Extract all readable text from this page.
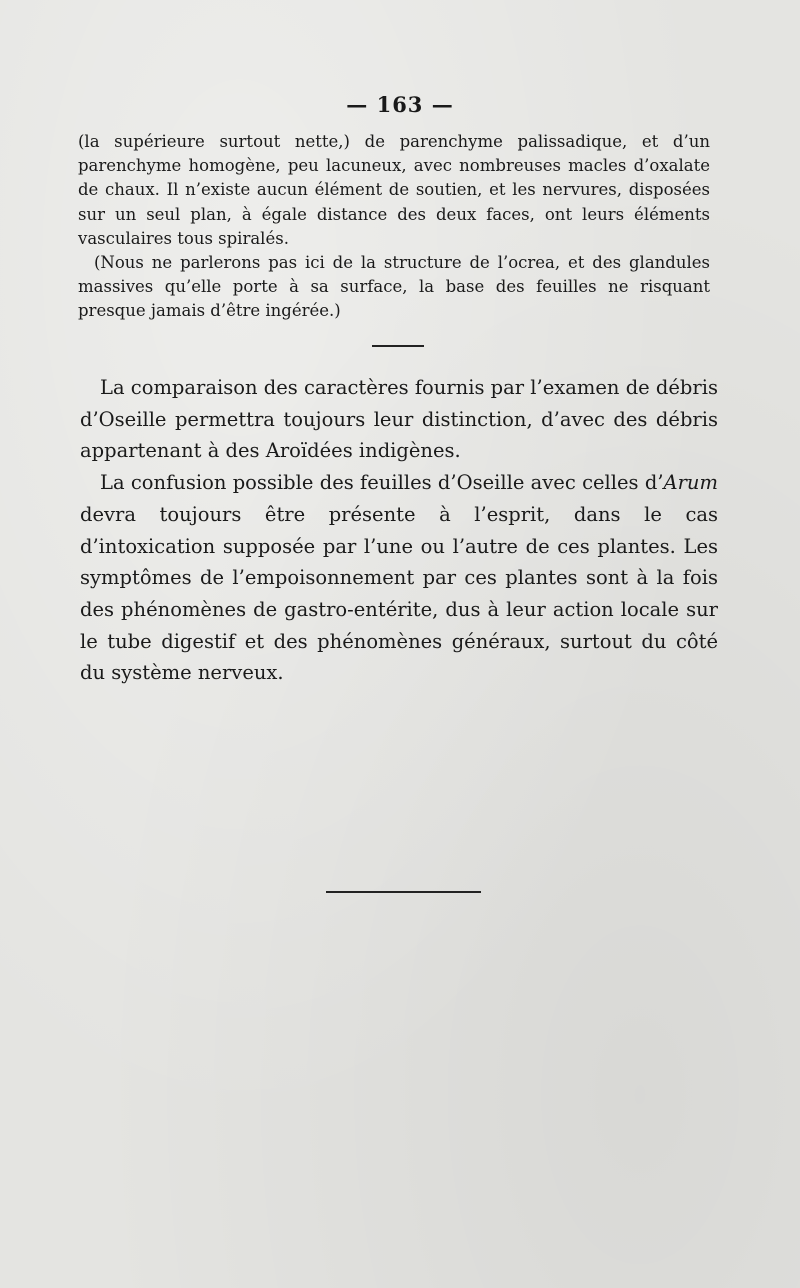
— 163 —

(la supérieure surtout nette,) de parenchyme palissadique, et d’un parenchyme homogène, peu lacuneux, avec nombreuses macles d’oxalate de chaux. Il n’existe aucun élément de soutien, et les nervures, disposées sur un seul plan, à égale distance des deux faces, ont leurs éléments vasculaires tous spiralés.

(Nous ne parlerons pas ici de la structure de l’ocrea, et des glandules massives qu’elle porte à sa surface, la base des feuilles ne risquant presque jamais d’être ingérée.)

La comparaison des caractères fournis par l’examen de débris d’Oseille permettra toujours leur distinction, d’avec des débris appartenant à des Aroïdées indigènes.

La confusion possible des feuilles d’Oseille avec celles d’Arum devra toujours être présente à l’esprit, dans le cas d’intoxication supposée par l’une ou l’autre de ces plantes. Les symptômes de l’empoisonnement par ces plantes sont à la fois des phénomènes de gastro-entérite, dus à leur action locale sur le tube digestif et des phénomènes généraux, surtout du côté du système nerveux.
